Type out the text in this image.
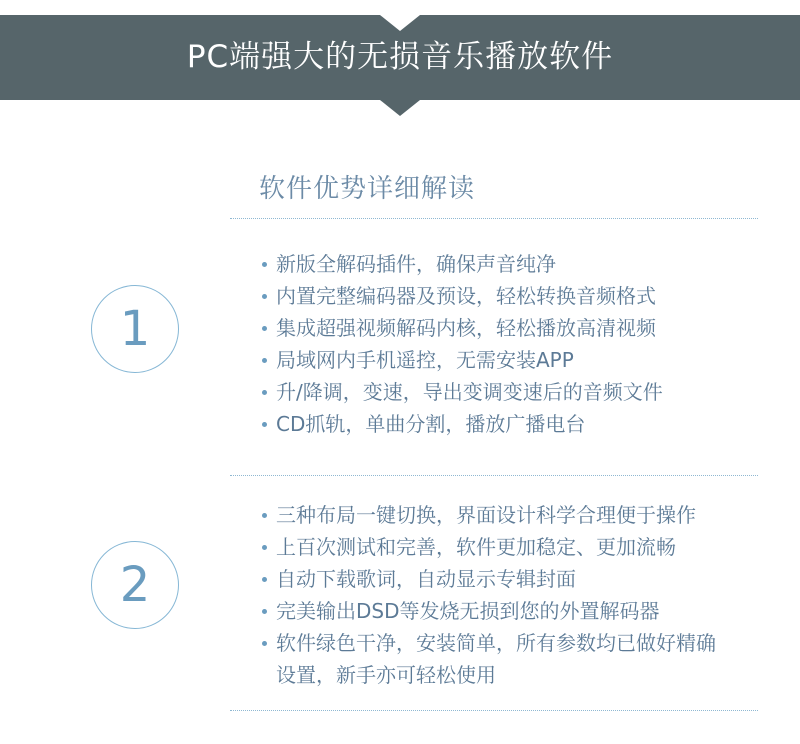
PC端强大的无损音乐播放软件
软件优势详细解读
1
新版全解码插件，确保声音纯净
内置完整编码器及预设，轻松转换音频格式
集成超强视频解码内核，轻松播放高清视频
局域网内手机遥控，无需安装APP
升/降调，变速，导出变调变速后的音频文件
CD抓轨，单曲分割，播放广播电台
2
三种布局一键切换，界面设计科学合理便于操作
上百次测试和完善，软件更加稳定、更加流畅
自动下载歌词，自动显示专辑封面
完美输出DSD等发烧无损到您的外置解码器
软件绿色干净，安装简单，所有参数均已做好精确
设置，新手亦可轻松使用
